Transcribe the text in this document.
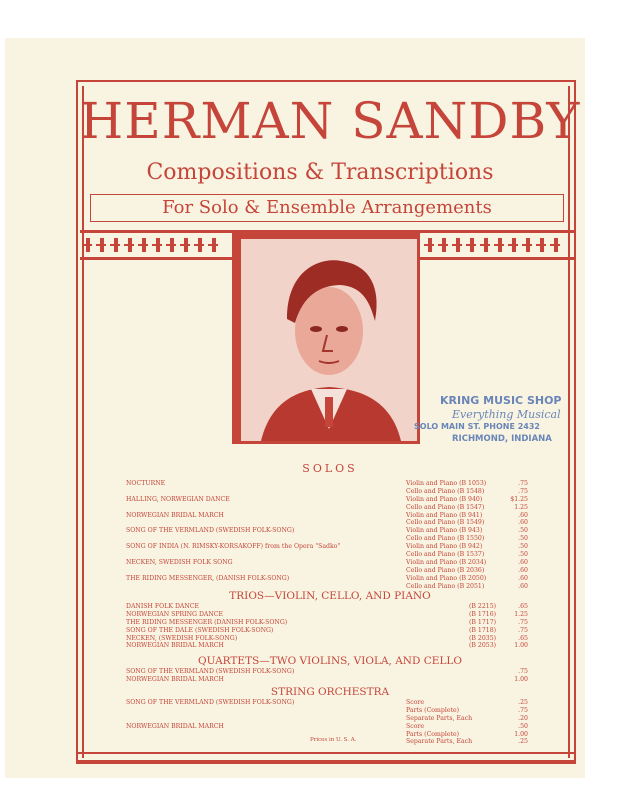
HERMAN SANDBY
Compositions & Transcriptions
For Solo & Ensemble Arrangements
KRING MUSIC SHOP
Everything Musical
SOLO MAIN ST. PHONE 2432
RICHMOND, INDIANA
SOLOS
NOCTURNE	Violin and Piano (B 1053)	.75
Cello and Piano (B 1548)	.75
HALLING, NORWEGIAN DANCE	Violin and Piano (B 940)	$1.25
Cello and Piano (B 1547)	1.25
NORWEGIAN BRIDAL MARCH	Violin and Piano (B 941)	.60
Cello and Piano (B 1549)	.60
SONG OF THE VERMLAND (SWEDISH FOLK-SONG)	Violin and Piano (B 943)	.50
Cello and Piano (B 1550)	.50
SONG OF INDIA (N. RIMSKY-KORSAKOFF) from the Opera "Sadko"	Violin and Piano (B 942)	.50
Cello and Piano (B 1537)	.50
NECKEN, SWEDISH FOLK SONG	Violin and Piano (B 2034)	.60
Cello and Piano (B 2036)	.60
THE RIDING MESSENGER, (DANISH FOLK-SONG)	Violin and Piano (B 2050)	.60
Cello and Piano (B 2051)	.60
TRIOS—VIOLIN, CELLO, AND PIANO
DANISH FOLK DANCE	(B 2215)	.65
NORWEGIAN SPRING DANCE	(B 1716)	1.25
THE RIDING MESSENGER (DANISH FOLK-SONG)	(B 1717)	.75
SONG OF THE DALE (SWEDISH FOLK-SONG)	(B 1718)	.75
NECKEN, (SWEDISH FOLK-SONG)	(B 2035)	.65
NORWEGIAN BRIDAL MARCH	(B 2053)	1.00
QUARTETS—TWO VIOLINS, VIOLA, AND CELLO
SONG OF THE VERMLAND (SWEDISH FOLK-SONG)	.75
NORWEGIAN BRIDAL MARCH	1.00
STRING ORCHESTRA
SONG OF THE VERMLAND (SWEDISH FOLK-SONG)	Score	.25
Parts (Complete)	.75
Separate Parts, Each	.20
NORWEGIAN BRIDAL MARCH	Score	.50
Parts (Complete)	1.00
Separate Parts, Each	.25
Prices in U. S. A.
